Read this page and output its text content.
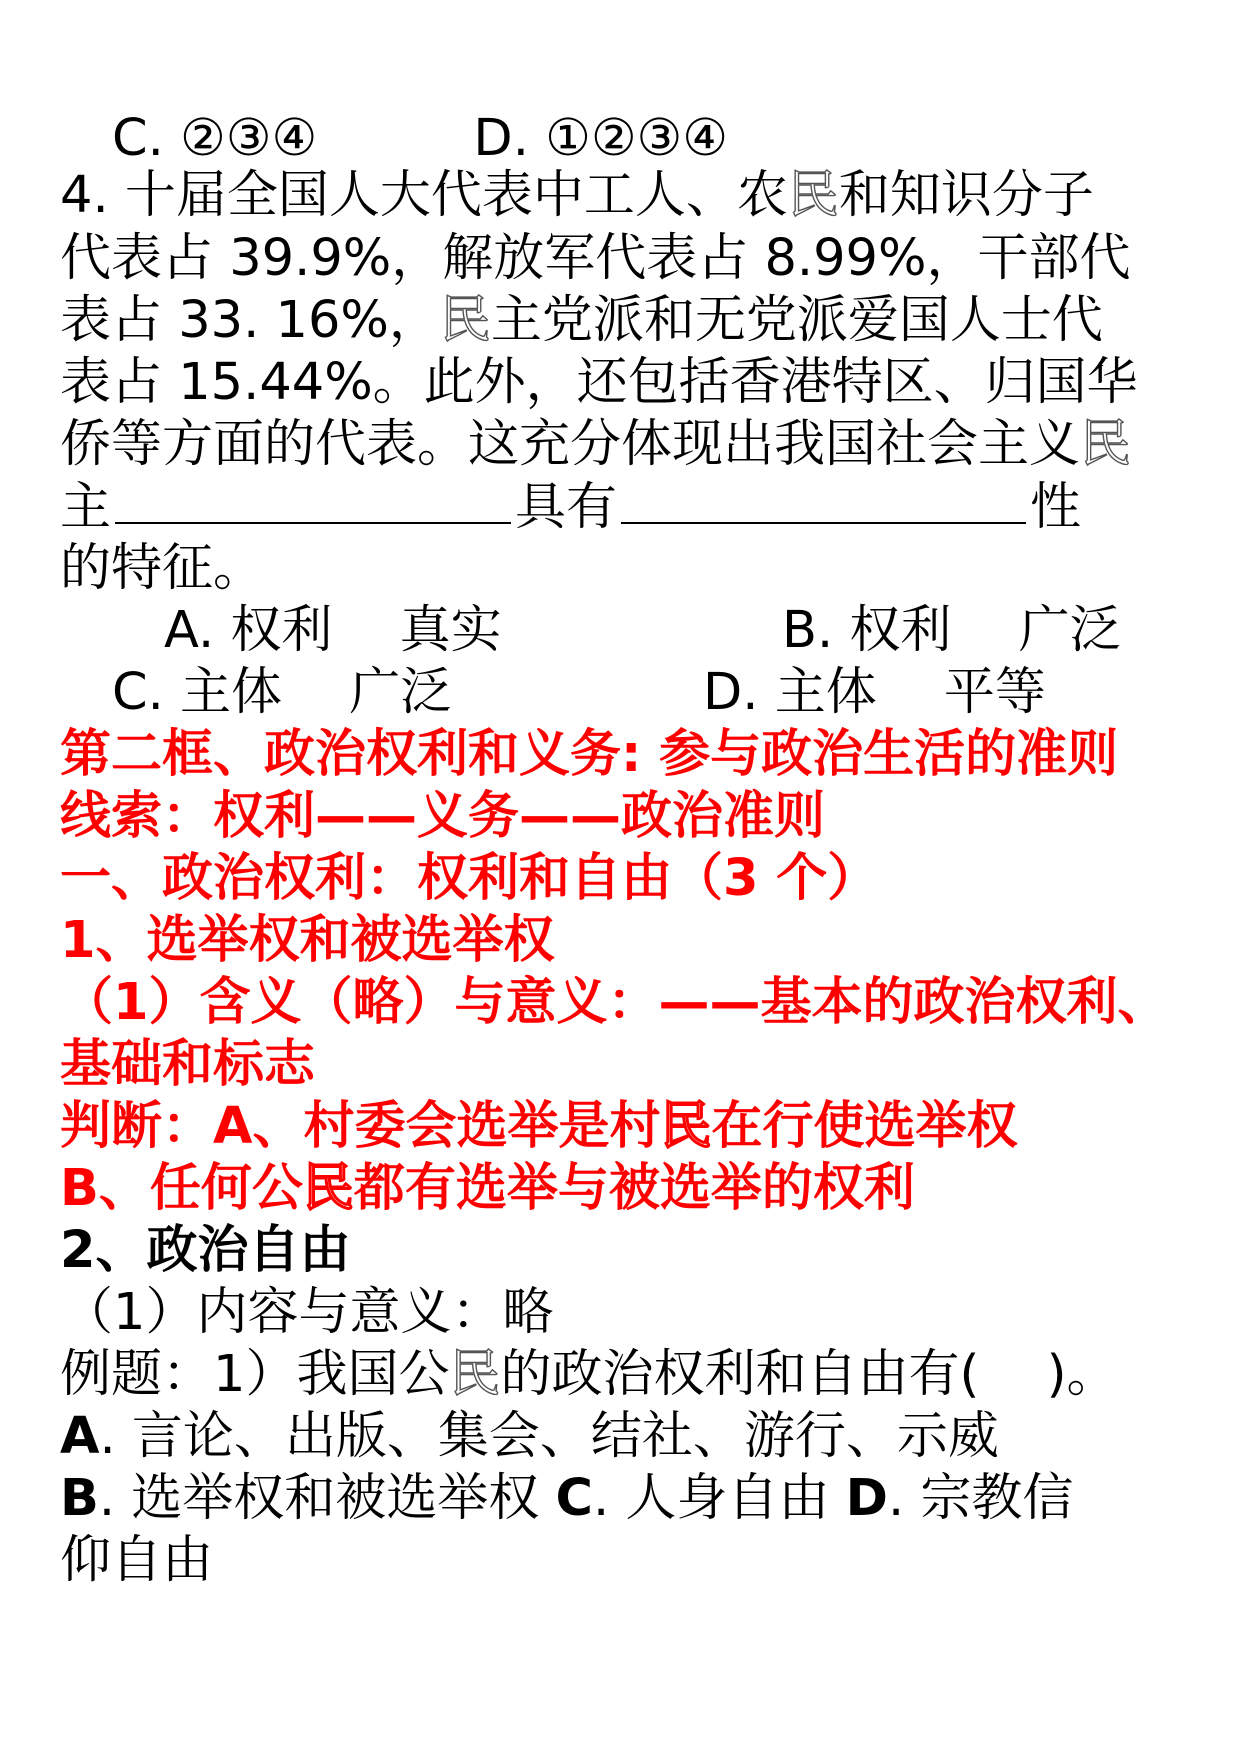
C. ②③④	D. ①②③④
4. 十届全国人大代表中工人、农民和知识分子
代表占 39.9%，解放军代表占 8.99%，干部代
表占 33. 16%，民主党派和无党派爱国人士代
表占 15.44%。此外，还包括香港特区、归国华
侨等方面的代表。这充分体现出我国社会主义民
主	具有	性
的特征。
A. 权利　 真实	B. 权利　 广泛
C. 主体　 广泛	D. 主体　 平等
第二框、政治权利和义务: 参与政治生活的准则
线索：权利——义务——政治准则
一、政治权利：权利和自由（3 个）
1、选举权和被选举权
（1）含义（略）与意义：——基本的政治权利、
基础和标志
判断：A、村委会选举是村民在行使选举权
B、任何公民都有选举与被选举的权利
2、政治自由
（1）内容与意义：略
例题：1）我国公民的政治权利和自由有(　 )。
A. 言论、出版、集会、结社、游行、示威
B. 选举权和被选举权 C. 人身自由 D. 宗教信
仰自由
